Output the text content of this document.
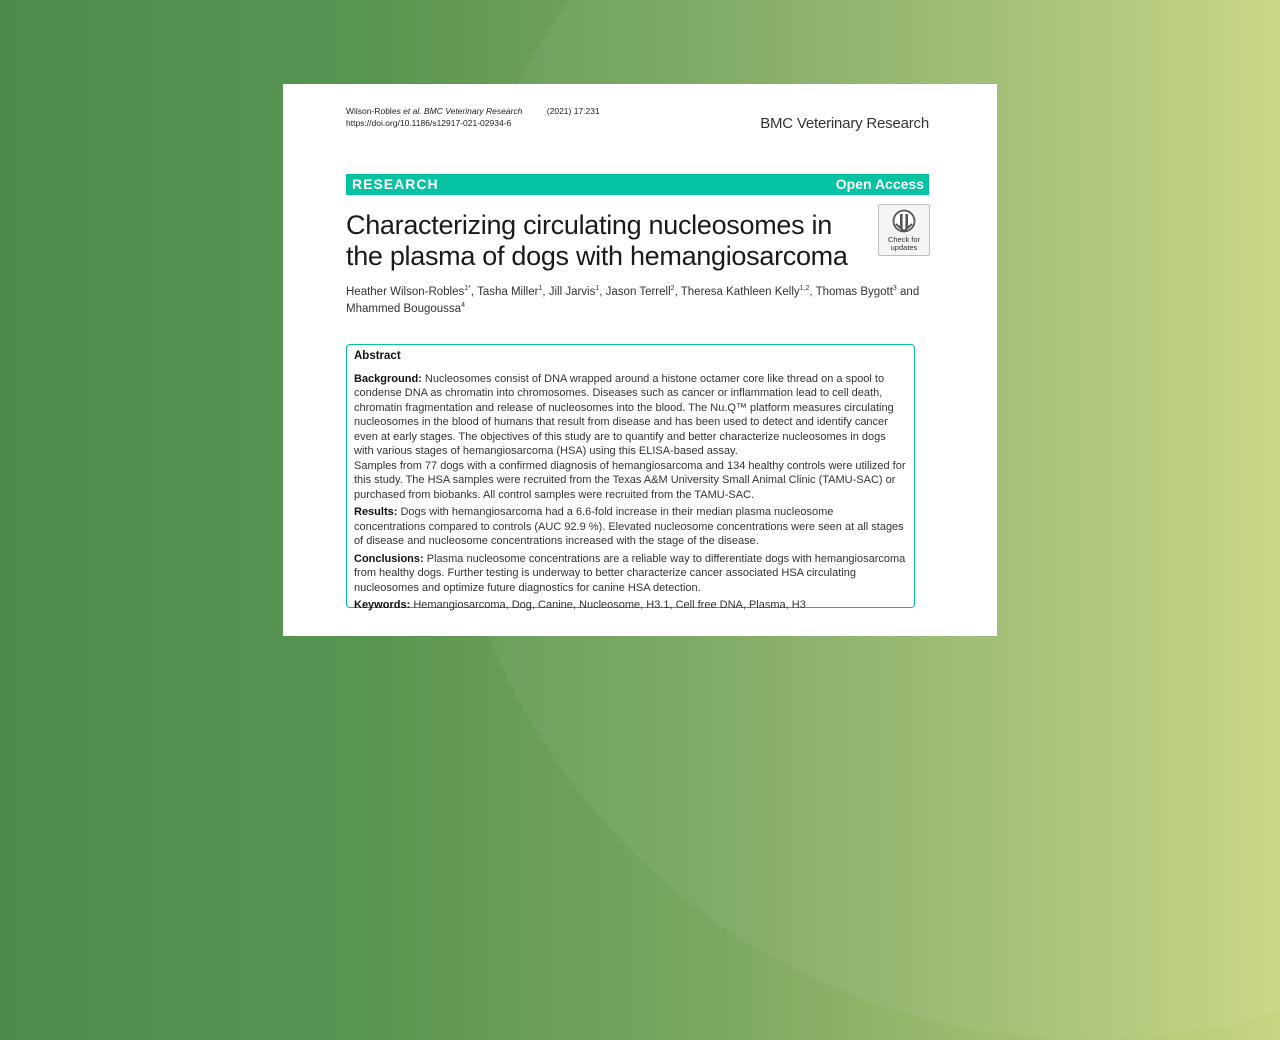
Wilson-Robles et al. BMC Veterinary Research	(2021) 17:231
https://doi.org/10.1186/s12917-021-02934-6	BMC Veterinary Research
RESEARCH	Open Access
Characterizing circulating nucleosomes in
the plasma of dogs with hemangiosarcoma
Check for
updates
Heather Wilson-Robles$^{1*}$, Tasha Miller$^1$, Jill Jarvis$^1$, Jason Terrell$^2$, Theresa Kathleen Kelly$^{1,2}$, Thomas Bygott$^3$ and
Mhammed Bougoussa$^4$
Abstract

Background: Nucleosomes consist of DNA wrapped around a histone octamer core like thread on a spool to condense DNA as chromatin into chromosomes. Diseases such as cancer or inflammation lead to cell death, chromatin fragmentation and release of nucleosomes into the blood. The Nu.Q™ platform measures circulating nucleosomes in the blood of humans that result from disease and has been used to detect and identify cancer even at early stages. The objectives of this study are to quantify and better characterize nucleosomes in dogs with various stages of hemangiosarcoma (HSA) using this ELISA-based assay.
Samples from 77 dogs with a confirmed diagnosis of hemangiosarcoma and 134 healthy controls were utilized for this study. The HSA samples were recruited from the Texas A&M University Small Animal Clinic (TAMU-SAC) or purchased from biobanks. All control samples were recruited from the TAMU-SAC.

Results: Dogs with hemangiosarcoma had a 6.6-fold increase in their median plasma nucleosome concentrations compared to controls (AUC 92.9 %). Elevated nucleosome concentrations were seen at all stages of disease and nucleosome concentrations increased with the stage of the disease.

Conclusions: Plasma nucleosome concentrations are a reliable way to differentiate dogs with hemangiosarcoma from healthy dogs. Further testing is underway to better characterize cancer associated HSA circulating nucleosomes and optimize future diagnostics for canine HSA detection.

Keywords: Hemangiosarcoma, Dog, Canine, Nucleosome, H3.1, Cell free DNA, Plasma, H3
